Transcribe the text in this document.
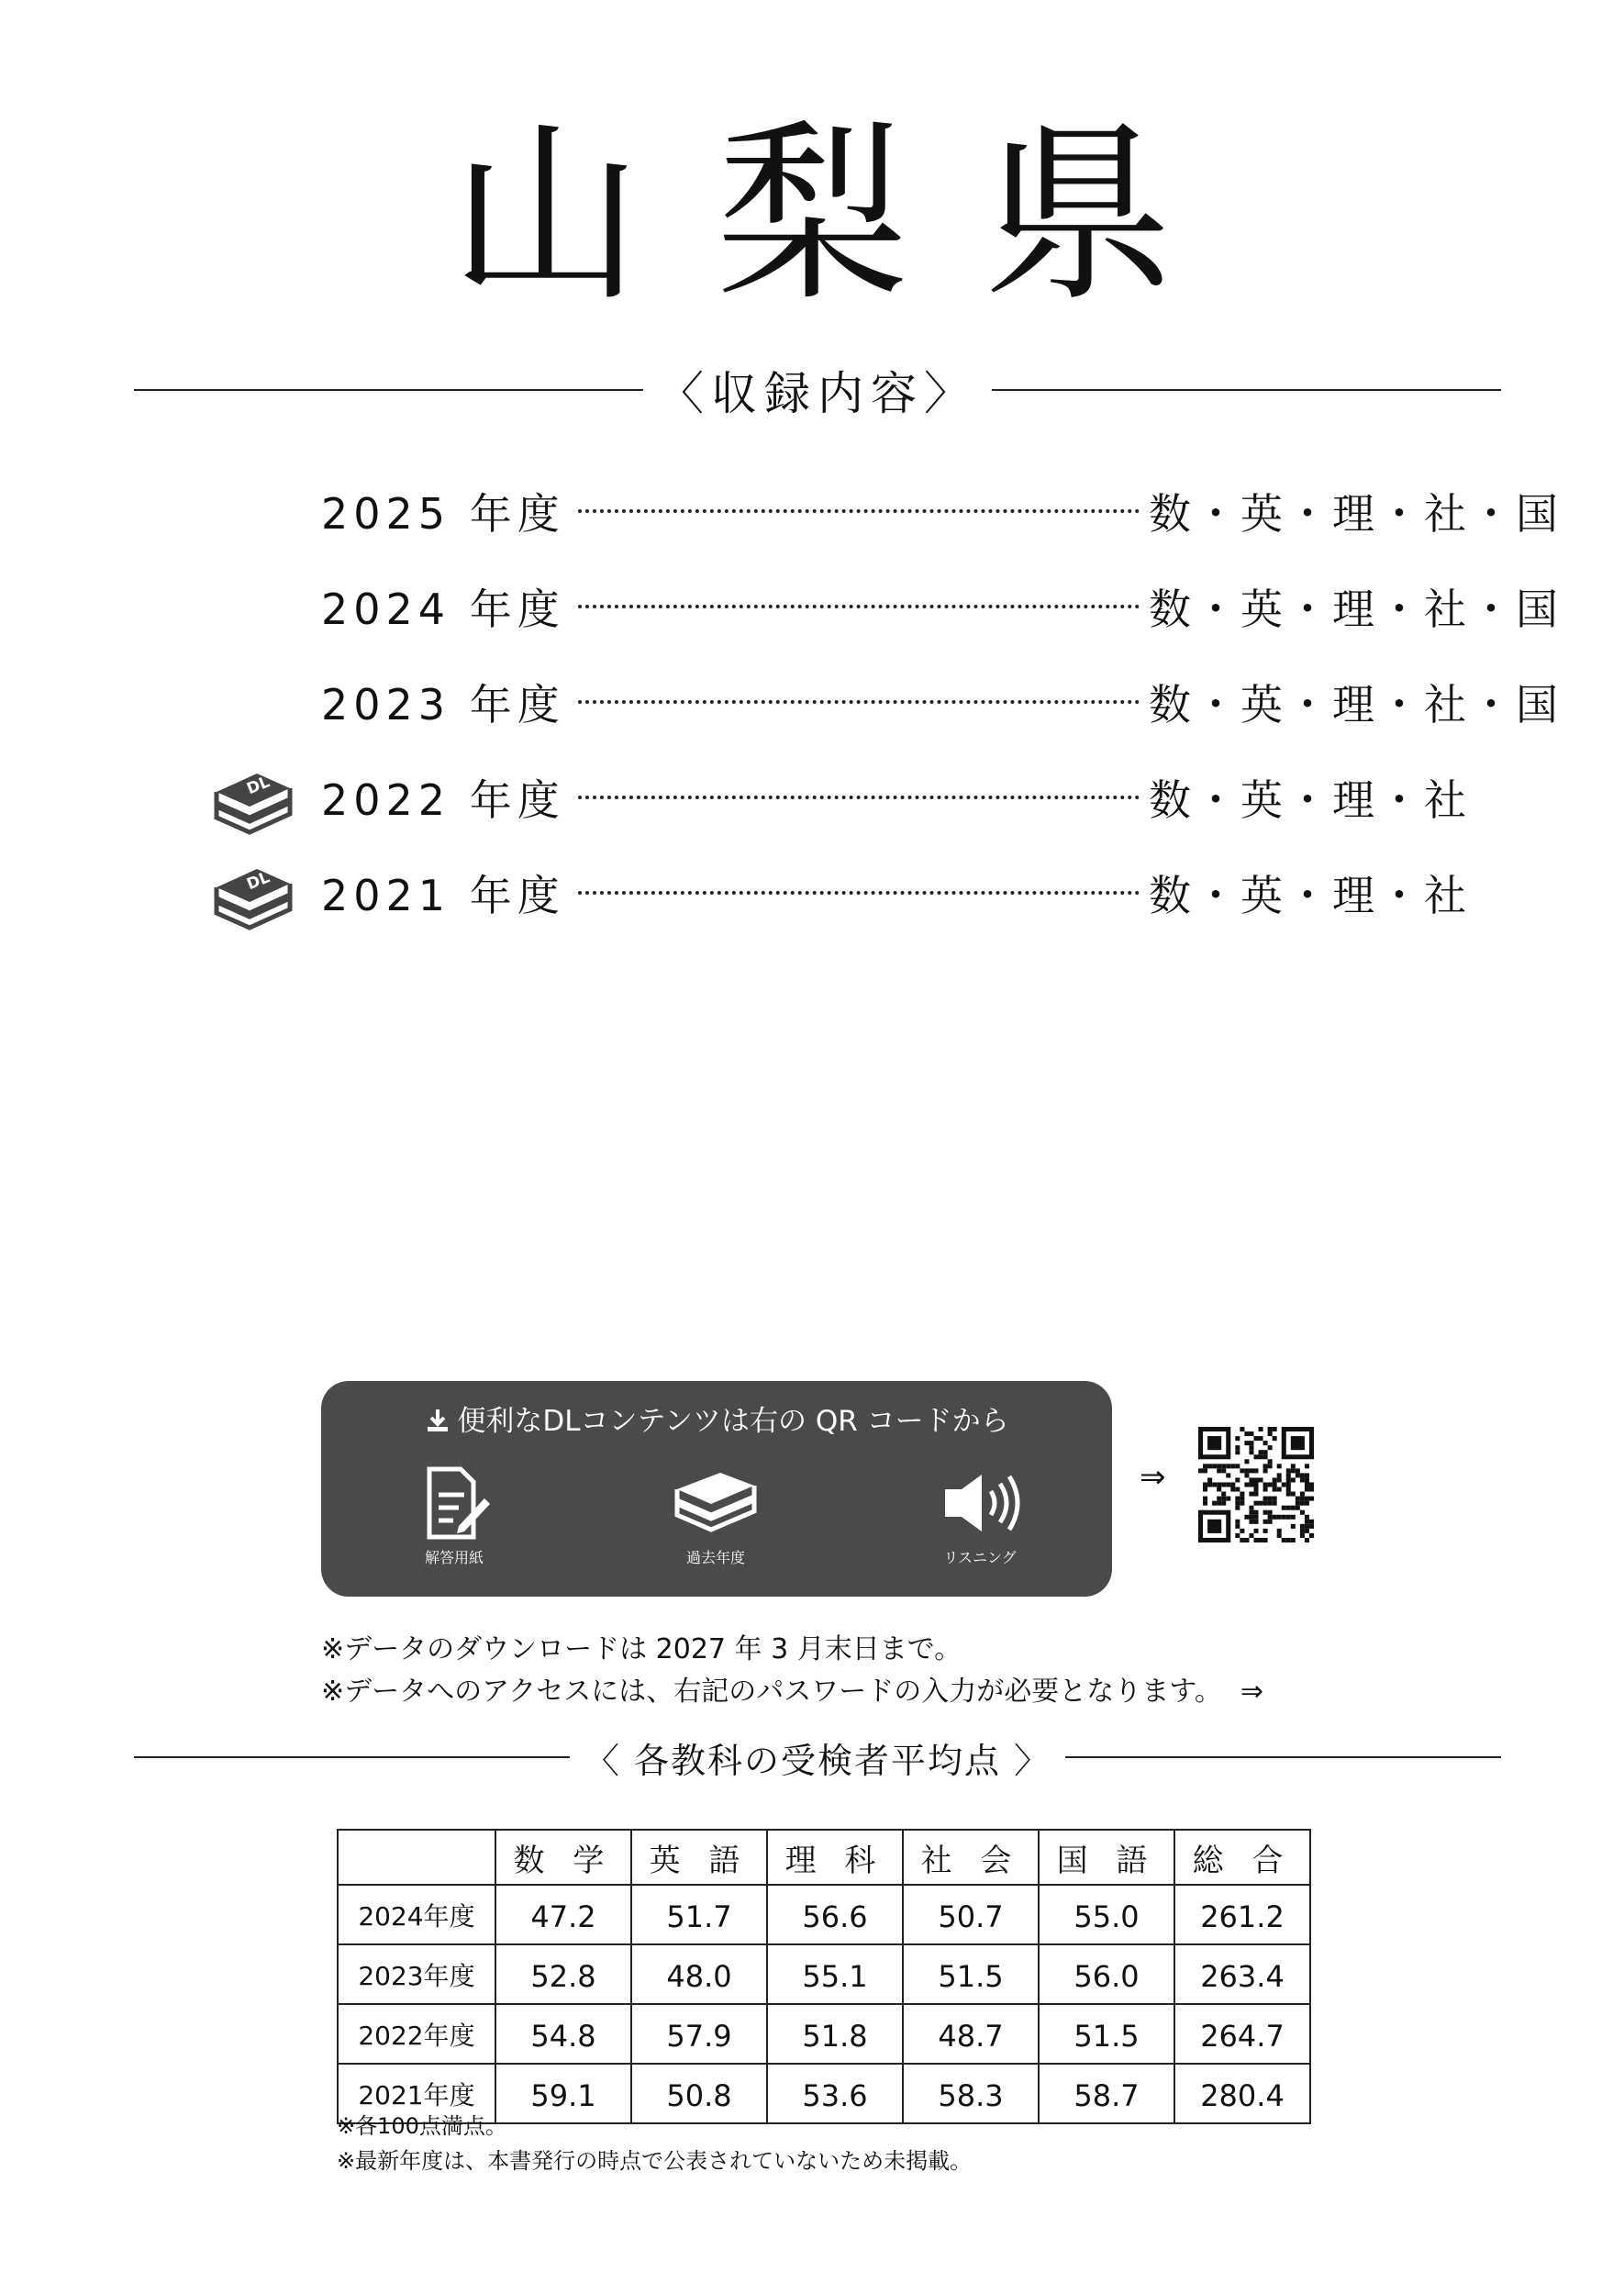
山梨県
〈収録内容〉
2025 年度	数・英・理・社・国
2024 年度	数・英・理・社・国
2023 年度	数・英・理・社・国
DL 2022 年度	数・英・理・社
DL 2021 年度	数・英・理・社
便利なDLコンテンツは右の QR コードから
解答用紙	過去年度	リスニング
⇒
※データのダウンロードは 2027 年 3 月末日まで。
※データへのアクセスには、右記のパスワードの入力が必要となります。 ⇒
〈 各教科の受検者平均点 〉
	数 学	英 語	理 科	社 会	国 語	総 合
2024年度	47.2	51.7	56.6	50.7	55.0	261.2
2023年度	52.8	48.0	55.1	51.5	56.0	263.4
2022年度	54.8	57.9	51.8	48.7	51.5	264.7
2021年度	59.1	50.8	53.6	58.3	58.7	280.4
※各100点満点。
※最新年度は、本書発行の時点で公表されていないため未掲載。
